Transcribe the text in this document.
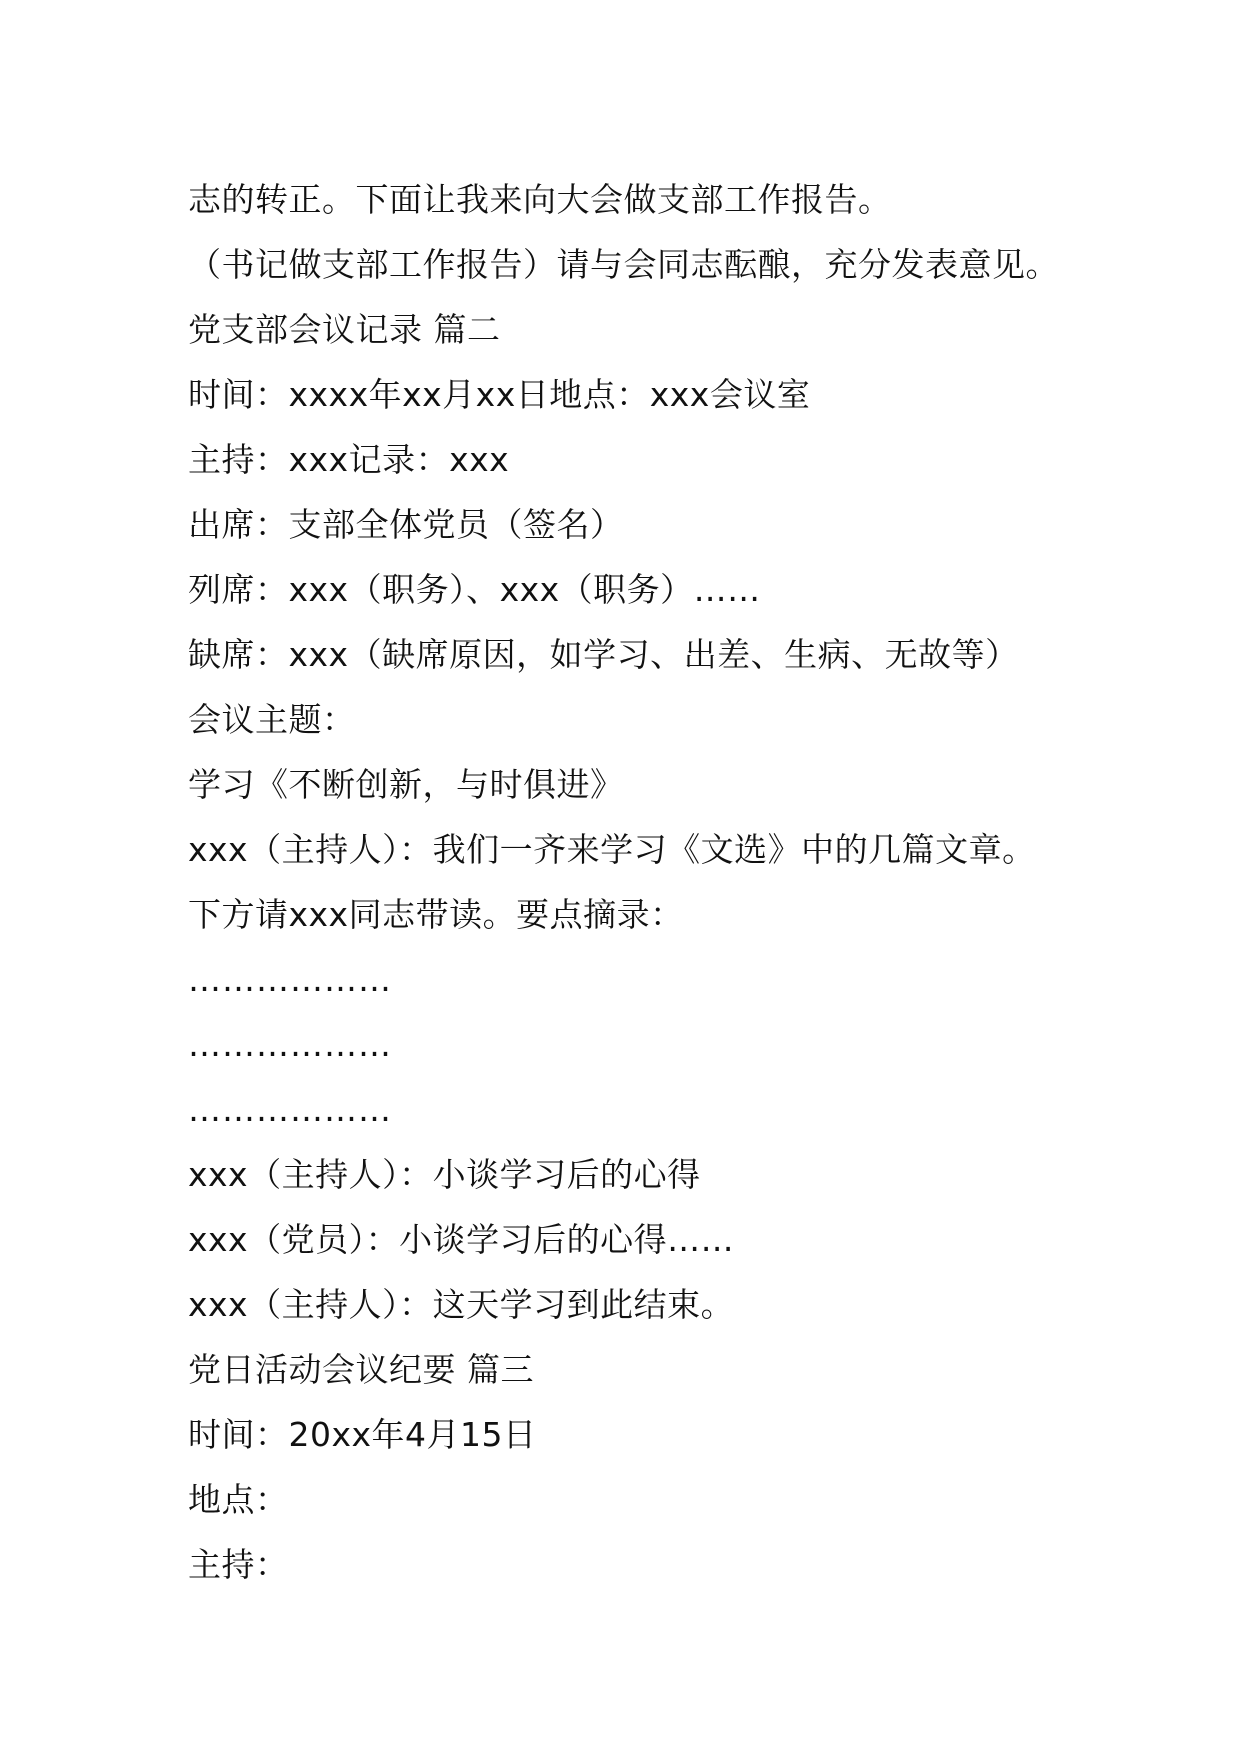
志的转正。下面让我来向大会做支部工作报告。
（书记做支部工作报告）请与会同志酝酿，充分发表意见。
党支部会议记录 篇二
时间：xxxx年xx月xx日地点：xxx会议室
主持：xxx记录：xxx
出席：支部全体党员（签名）
列席：xxx（职务）、xxx（职务）……
缺席：xxx（缺席原因，如学习、出差、生病、无故等）
会议主题：
学习《不断创新，与时俱进》
xxx（主持人）：我们一齐来学习《文选》中的几篇文章。
下方请xxx同志带读。要点摘录：
………………
………………
………………
xxx（主持人）：小谈学习后的心得
xxx（党员）：小谈学习后的心得……
xxx（主持人）：这天学习到此结束。
党日活动会议纪要 篇三
时间：20xx年4月15日
地点：
主持：
